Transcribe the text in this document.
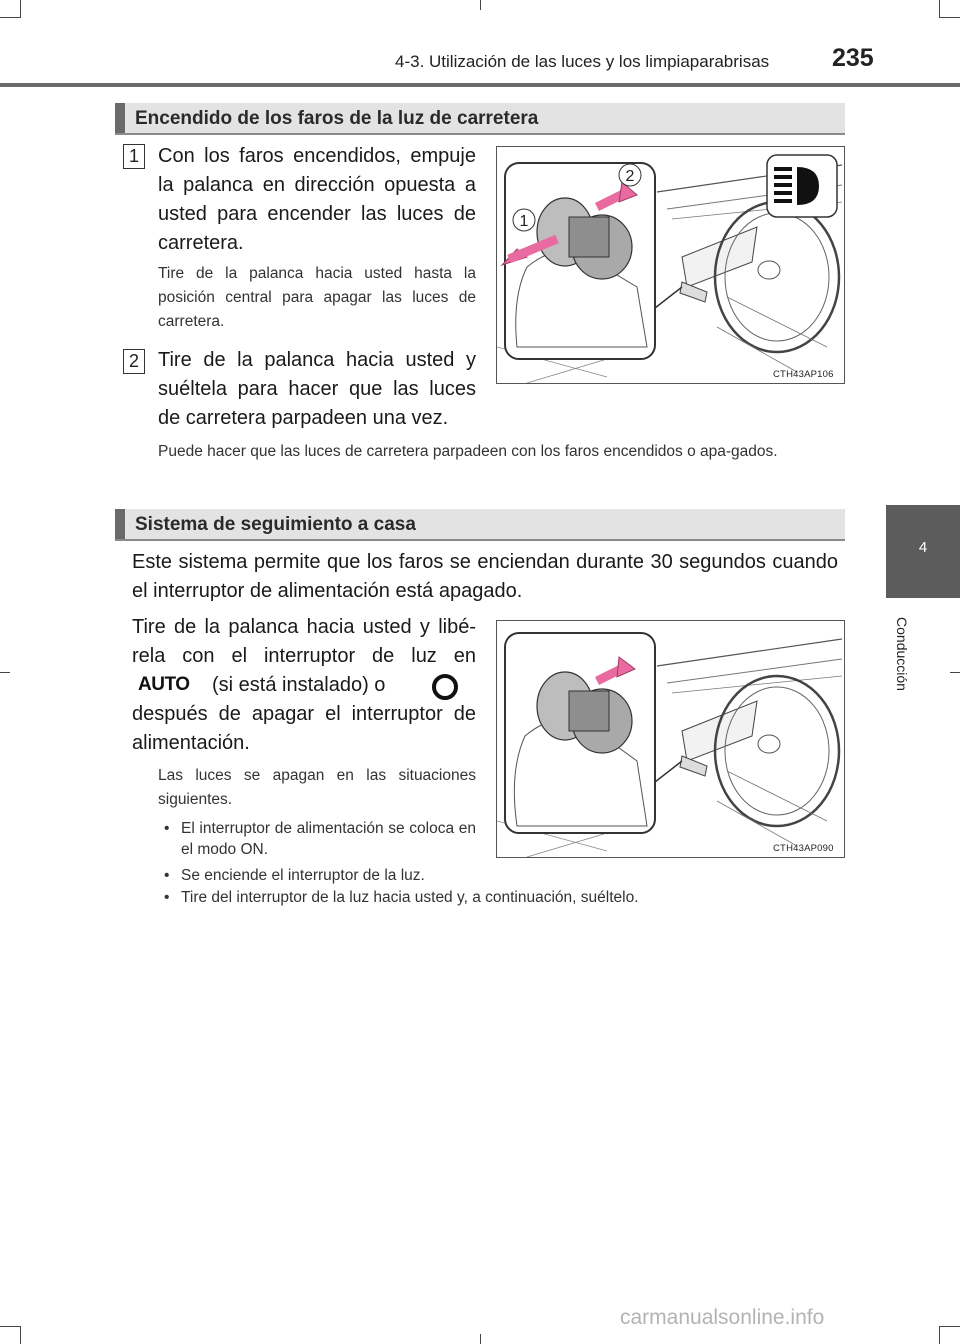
4-3. Utilización de las luces y los limpiaparabrisas	235
4
Conducción
Encendido de los faros de la luz de carretera
1 Con los faros encendidos, empuje la palanca en dirección opuesta a usted para encender las luces de carretera.
Tire de la palanca hacia usted hasta la posición central para apagar las luces de carretera.
2 Tire de la palanca hacia usted y suéltela para hacer que las luces de carretera parpadeen una vez.
Puede hacer que las luces de carretera parpadeen con los faros encendidos o apa-gados.
2
1
CTH43AP106
Sistema de seguimiento a casa
Este sistema permite que los faros se enciendan durante 30 segundos cuando el interruptor de alimentación está apagado.
Tire de la palanca hacia usted y libé-
rela con el interruptor de luz en
AUTO (si está instalado) o
después de apagar el interruptor de alimentación.
Las luces se apagan en las situaciones siguientes.
• El interruptor de alimentación se coloca en el modo ON.
• Se enciende el interruptor de la luz.
• Tire del interruptor de la luz hacia usted y, a continuación, suéltelo.
CTH43AP090
carmanualsonline.info
